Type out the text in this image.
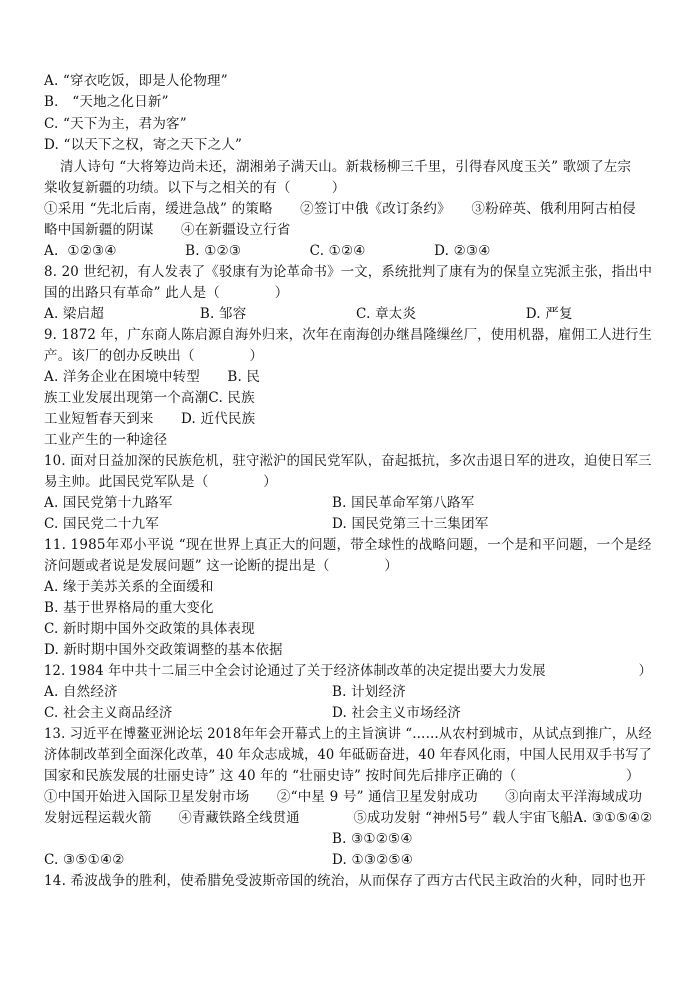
A. “穿衣吃饭，即是人伦物理”
B． “天地之化日新”
C. “天下为主，君为客”
D. “以天下之权，寄之天下之人”
清人诗句 “大将筹边尚未还，湖湘弟子满天山。新栽杨柳三千里，引得春风度玉关” 歌颂了左宗
棠收复新疆的功绩。以下与之相关的有（　　　）
①采用 “先北后南，缓进急战” 的策略　　②签订中俄《改订条约》　　③粉碎英、俄利用阿古柏侵
略中国新疆的阴谋　　④在新疆设立行省
A.  ①②③④　　　　　B. ①②③　　　　　C. ①②④　　　　　D. ②③④
8. 20 世纪初，有人发表了《驳康有为论革命书》一文，系统批判了康有为的保皇立宪派主张，指出中
国的出路只有革命” 此人是（　　　　）
A. 梁启超　　　　　　　B. 邹容　　　　　　　　C. 章太炎　　　　　　　　D. 严复
9. 1872 年，广东商人陈启源自海外归来，次年在南海创办继昌隆缫丝厂，使用机器，雇佣工人进行生
产。该厂的创办反映出（　　　　）
A. 洋务企业在困境中转型　　B. 民
族工业发展出现第一个高潮C. 民族
工业短暂春天到来　　D. 近代民族
工业产生的一种途径
10. 面对日益加深的民族危机，驻守淞沪的国民党军队，奋起抵抗，多次击退日军的进攻，迫使日军三
易主帅。此国民党军队是（　　　　）
A. 国民党第十九路军	B. 国民革命军第八路军
C. 国民党二十九军	D. 国民党第三十三集团军
11. 1985年邓小平说 “现在世界上真正大的问题，带全球性的战略问题，一个是和平问题，一个是经
济问题或者说是发展问题” 这一论断的提出是（　　　　）
A. 缘于美苏关系的全面缓和
B. 基于世界格局的重大变化
C. 新时期中国外交政策的具体表现
D. 新时期中国外交政策调整的基本依据
12. 1984 年中共十二届三中全会讨论通过了关于经济体制改革的决定提出要大力发展　　　　　　　）
A. 自然经济	B. 计划经济
C. 社会主义商品经济	D. 社会主义市场经济
13. 习近平在博鳌亚洲论坛 2018年年会开幕式上的主旨演讲 “……从农村到城市，从试点到推广，从经
济体制改革到全面深化改革，40 年众志成城，40 年砥砺奋进，40 年春风化雨，中国人民用双手书写了
国家和民族发展的壮丽史诗” 这 40 年的 “壮丽史诗” 按时间先后排序正确的（　　　　　　　　）
①中国开始进入国际卫星发射市场　　②“中星 9 号” 通信卫星发射成功　　③向南太平洋海域成功
发射远程运载火箭　　④青藏铁路全线贯通　　　　⑤成功发射 “神州5号” 载人宇宙飞船A. ③①⑤④②
B. ③①②⑤④
C. ③⑤①④②	D. ①③②⑤④
14. 希波战争的胜利，使希腊免受波斯帝国的统治，从而保存了西方古代民主政治的火种，同时也开
